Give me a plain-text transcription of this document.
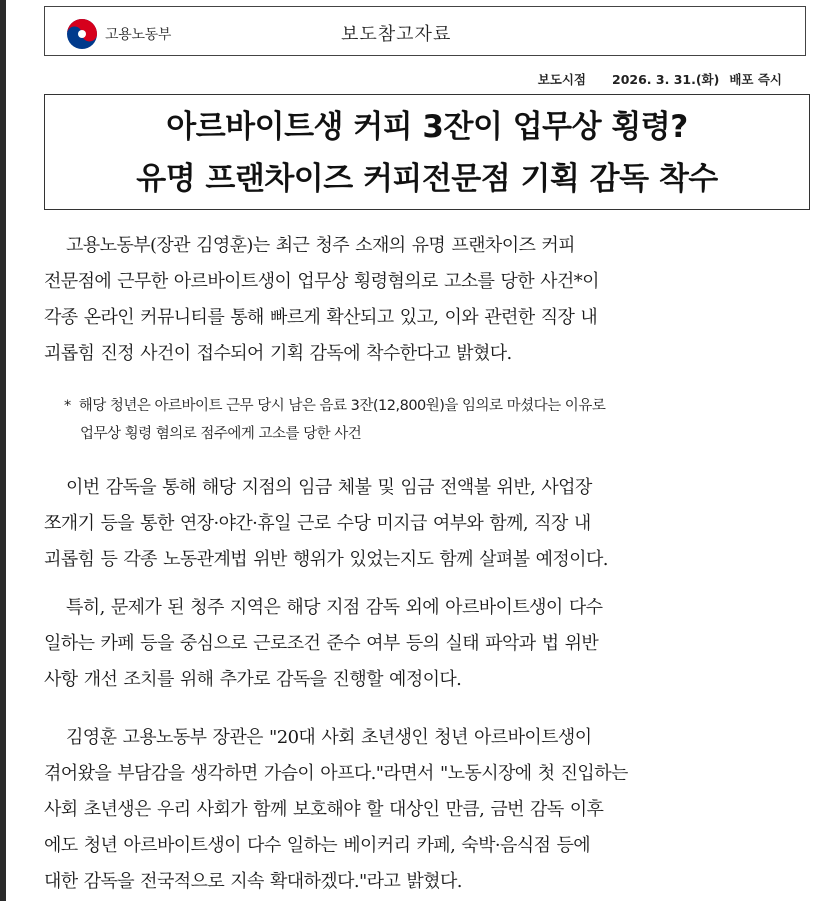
고용노동부	보도참고자료
보도시점 2026. 3. 31.(화) 배포 즉시
아르바이트생 커피 3잔이 업무상 횡령?
유명 프랜차이즈 커피전문점 기획 감독 착수
고용노동부(장관 김영훈)는 최근 청주 소재의 유명 프랜차이즈 커피
전문점에 근무한 아르바이트생이 업무상 횡령혐의로 고소를 당한 사건*이
각종 온라인 커뮤니티를 통해 빠르게 확산되고 있고, 이와 관련한 직장 내
괴롭힘 진정 사건이 접수되어 기획 감독에 착수한다고 밝혔다.
* 해당 청년은 아르바이트 근무 당시 남은 음료 3잔(12,800원)을 임의로 마셨다는 이유로
업무상 횡령 혐의로 점주에게 고소를 당한 사건
이번 감독을 통해 해당 지점의 임금 체불 및 임금 전액불 위반, 사업장
쪼개기 등을 통한 연장·야간·휴일 근로 수당 미지급 여부와 함께, 직장 내
괴롭힘 등 각종 노동관계법 위반 행위가 있었는지도 함께 살펴볼 예정이다.
특히, 문제가 된 청주 지역은 해당 지점 감독 외에 아르바이트생이 다수
일하는 카페 등을 중심으로 근로조건 준수 여부 등의 실태 파악과 법 위반
사항 개선 조치를 위해 추가로 감독을 진행할 예정이다.
김영훈 고용노동부 장관은 "20대 사회 초년생인 청년 아르바이트생이
겪어왔을 부담감을 생각하면 가슴이 아프다."라면서 "노동시장에 첫 진입하는
사회 초년생은 우리 사회가 함께 보호해야 할 대상인 만큼, 금번 감독 이후
에도 청년 아르바이트생이 다수 일하는 베이커리 카페, 숙박·음식점 등에
대한 감독을 전국적으로 지속 확대하겠다."라고 밝혔다.
